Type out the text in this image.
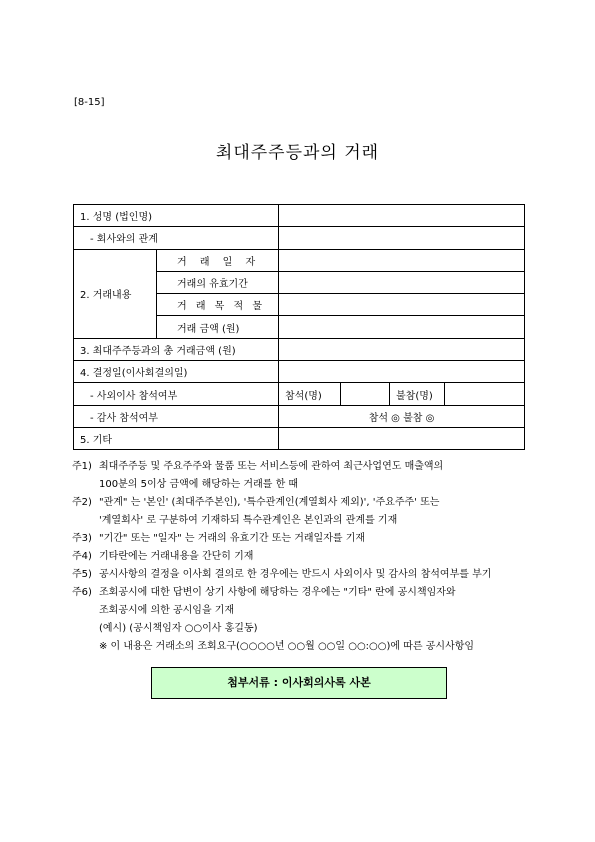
[8-15]
최대주주등과의 거래
1. 성명 (법인명)					
- 회사와의 관계					
2. 거래내용	거 래 일 자				
	거래의 유효기간				
	거 래 목 적 물				
	거래 금액 (원)				
3. 최대주주등과의 총 거래금액 (원)					
4. 결정일(이사회결의일)					
- 사외이사 참석여부		참석(명)		불참(명)	
- 감사 참석여부		참석 ◎ 불참 ◎			
5. 기타					
주1) 최대주주등 및 주요주주와 물품 또는 서비스등에 관하여 최근사업연도 매출액의
100분의 5이상 금액에 해당하는 거래를 한 때
주2) "관계" 는 '본인' (최대주주본인), '특수관계인(계열회사 제외)', '주요주주' 또는
'계열회사' 로 구분하여 기재하되 특수관계인은 본인과의 관계를 기재
주3) "기간" 또는 "일자" 는 거래의 유효기간 또는 거래일자를 기재
주4) 기타란에는 거래내용을 간단히 기재
주5) 공시사항의 결정을 이사회 결의로 한 경우에는 반드시 사외이사 및 감사의 참석여부를 부기
주6) 조회공시에 대한 답변이 상기 사항에 해당하는 경우에는 "기타" 란에 공시책임자와
조회공시에 의한 공시임을 기재
(예시) (공시책임자 ○○이사 홍길동)
※ 이 내용은 거래소의 조회요구(○○○○년 ○○월 ○○일 ○○:○○)에 따른 공시사항임
첨부서류 : 이사회의사록 사본
